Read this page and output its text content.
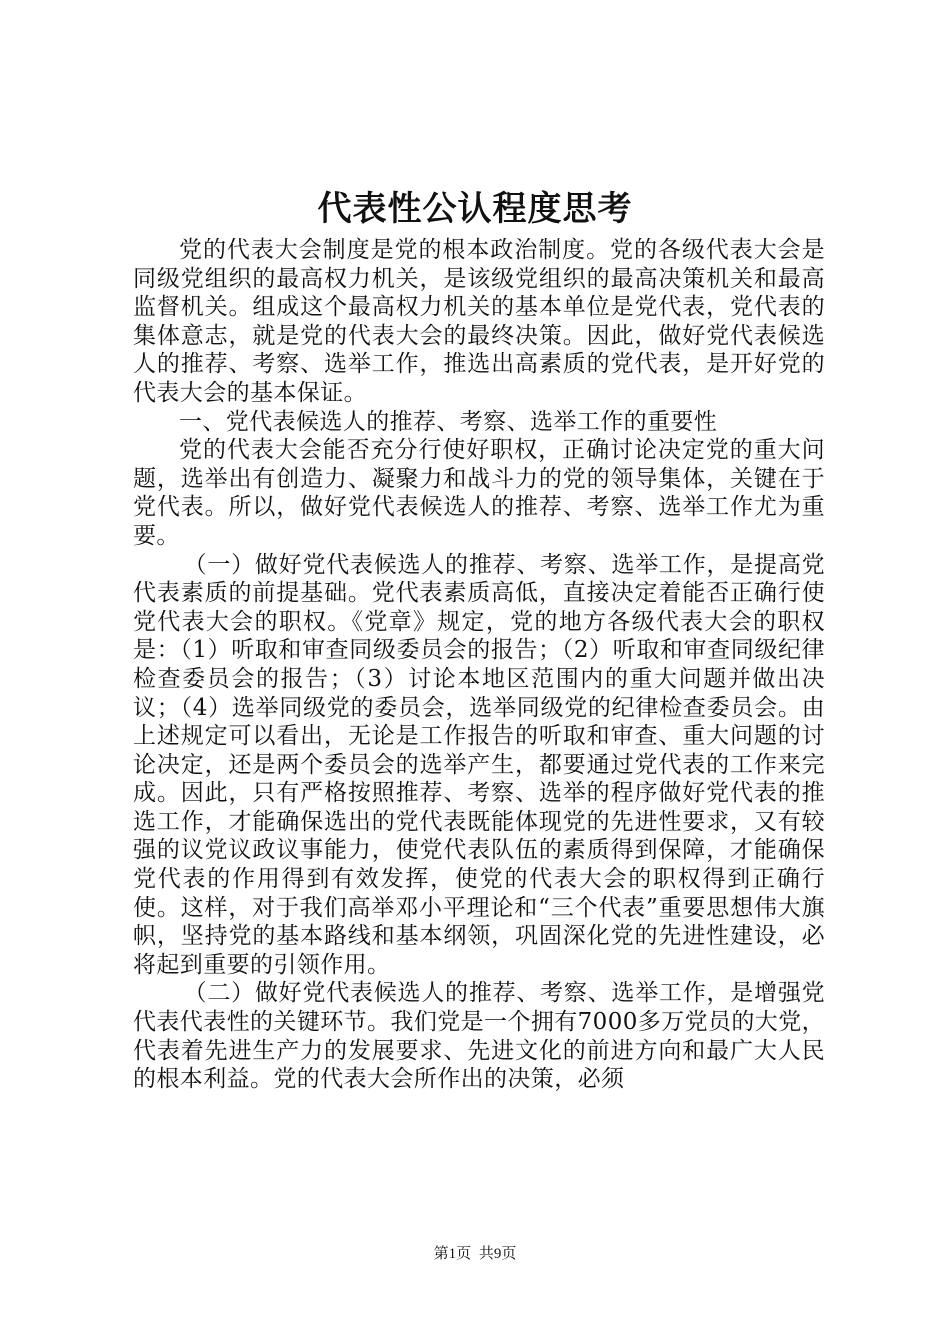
代表性公认程度思考

党的代表大会制度是党的根本政治制度。党的各级代表大会是同级党组织的最高权力机关，是该级党组织的最高决策机关和最高监督机关。组成这个最高权力机关的基本单位是党代表，党代表的集体意志，就是党的代表大会的最终决策。因此，做好党代表候选人的推荐、考察、选举工作，推选出高素质的党代表，是开好党的代表大会的基本保证。

一、党代表候选人的推荐、考察、选举工作的重要性

党的代表大会能否充分行使好职权，正确讨论决定党的重大问题，选举出有创造力、凝聚力和战斗力的党的领导集体，关键在于党代表。所以，做好党代表候选人的推荐、考察、选举工作尤为重要。

（一）做好党代表候选人的推荐、考察、选举工作，是提高党代表素质的前提基础。党代表素质高低，直接决定着能否正确行使党代表大会的职权。《党章》规定，党的地方各级代表大会的职权是：（1）听取和审查同级委员会的报告；（2）听取和审查同级纪律检查委员会的报告；（3）讨论本地区范围内的重大问题并做出决议；（4）选举同级党的委员会，选举同级党的纪律检查委员会。由上述规定可以看出，无论是工作报告的听取和审查、重大问题的讨论决定，还是两个委员会的选举产生，都要通过党代表的工作来完成。因此，只有严格按照推荐、考察、选举的程序做好党代表的推选工作，才能确保选出的党代表既能体现党的先进性要求，又有较强的议党议政议事能力，使党代表队伍的素质得到保障，才能确保党代表的作用得到有效发挥，使党的代表大会的职权得到正确行使。这样，对于我们高举邓小平理论和“三个代表”重要思想伟大旗帜，坚持党的基本路线和基本纲领，巩固深化党的先进性建设，必将起到重要的引领作用。

（二）做好党代表候选人的推荐、考察、选举工作，是增强党代表代表性的关键环节。我们党是一个拥有7000多万党员的大党，代表着先进生产力的发展要求、先进文化的前进方向和最广大人民的根本利益。党的代表大会所作出的决策，必须

第1页 共9页
